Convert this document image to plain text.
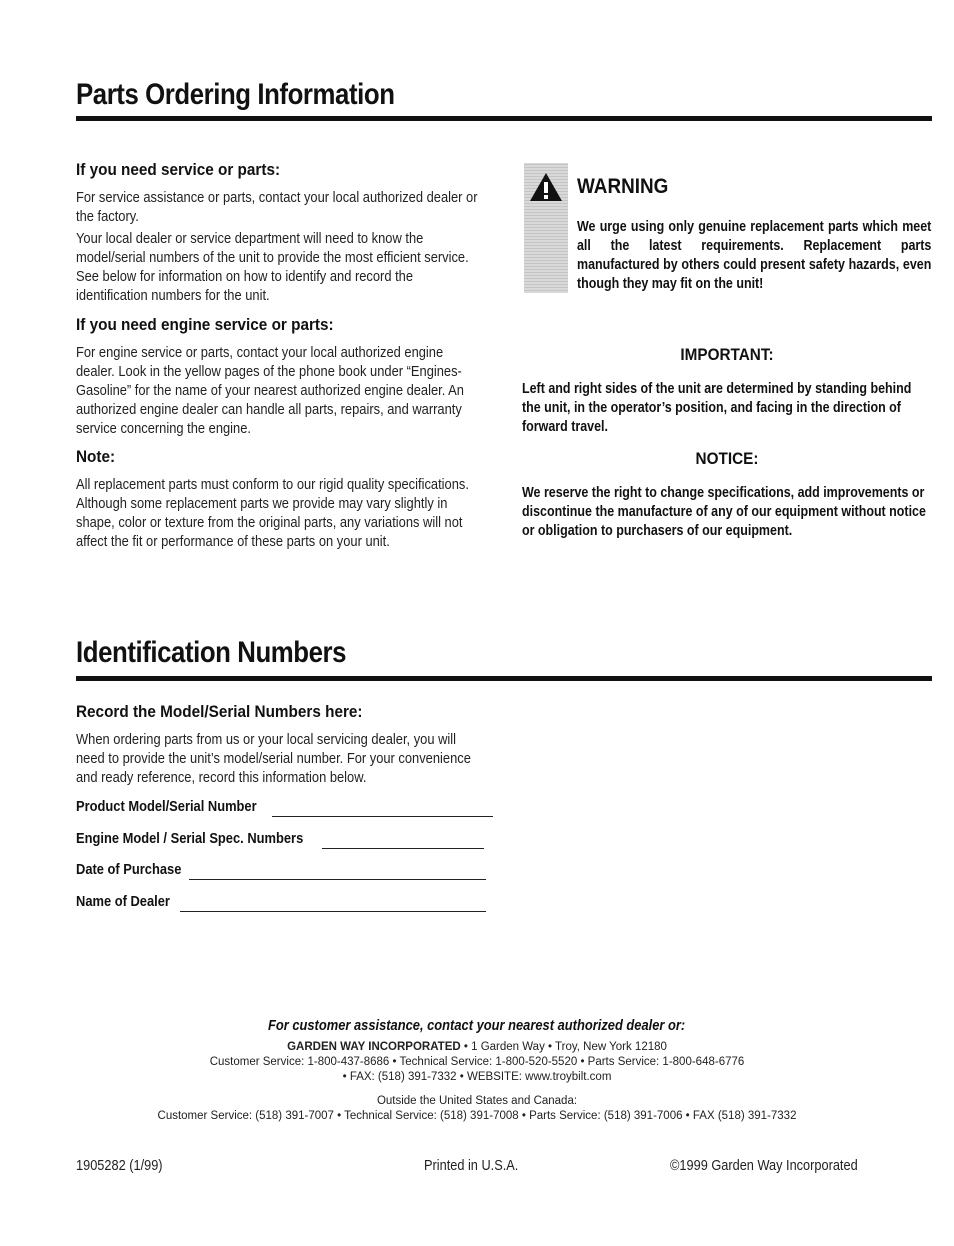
Parts Ordering Information
If you need service or parts:
For service assistance or parts, contact your local authorized dealer or the factory.
Your local dealer or service department will need to know the model/serial numbers of the unit to provide the most efficient service. See below for information on how to identify and record the identification numbers for the unit.
If you need engine service or parts:
For engine service or parts, contact your local authorized engine dealer. Look in the yellow pages of the phone book under “Engines-Gasoline” for the name of your nearest authorized engine dealer. An authorized engine dealer can handle all parts, repairs, and warranty service concerning the engine.
Note:
All replacement parts must conform to our rigid quality specifications. Although some replacement parts we provide may vary slightly in shape, color or texture from the original parts, any variations will not affect the fit or performance of these parts on your unit.
WARNING
We urge using only genuine replacement parts which meet all the latest requirements. Replacement parts manufactured by others could present safety hazards, even though they may fit on the unit!
IMPORTANT:
Left and right sides of the unit are determined by standing behind the unit, in the operator’s position, and facing in the direction of forward travel.
NOTICE:
We reserve the right to change specifications, add improvements or discontinue the manufacture of any of our equipment without notice or obligation to purchasers of our equipment.
Identification Numbers
Record the Model/Serial Numbers here:
When ordering parts from us or your local servicing dealer, you will need to provide the unit’s model/serial number. For your convenience and ready reference, record this information below.
Product Model/Serial Number
Engine Model / Serial Spec. Numbers
Date of Purchase
Name of Dealer
For customer assistance, contact your nearest authorized dealer or:
GARDEN WAY INCORPORATED • 1 Garden Way • Troy, New York 12180
Customer Service: 1-800-437-8686 • Technical Service: 1-800-520-5520 • Parts Service: 1-800-648-6776
• FAX: (518) 391-7332 • WEBSITE: www.troybilt.com
Outside the United States and Canada:
Customer Service: (518) 391-7007 • Technical Service: (518) 391-7008 • Parts Service: (518) 391-7006 • FAX (518) 391-7332
1905282 (1/99)	Printed in U.S.A.	©1999 Garden Way Incorporated
